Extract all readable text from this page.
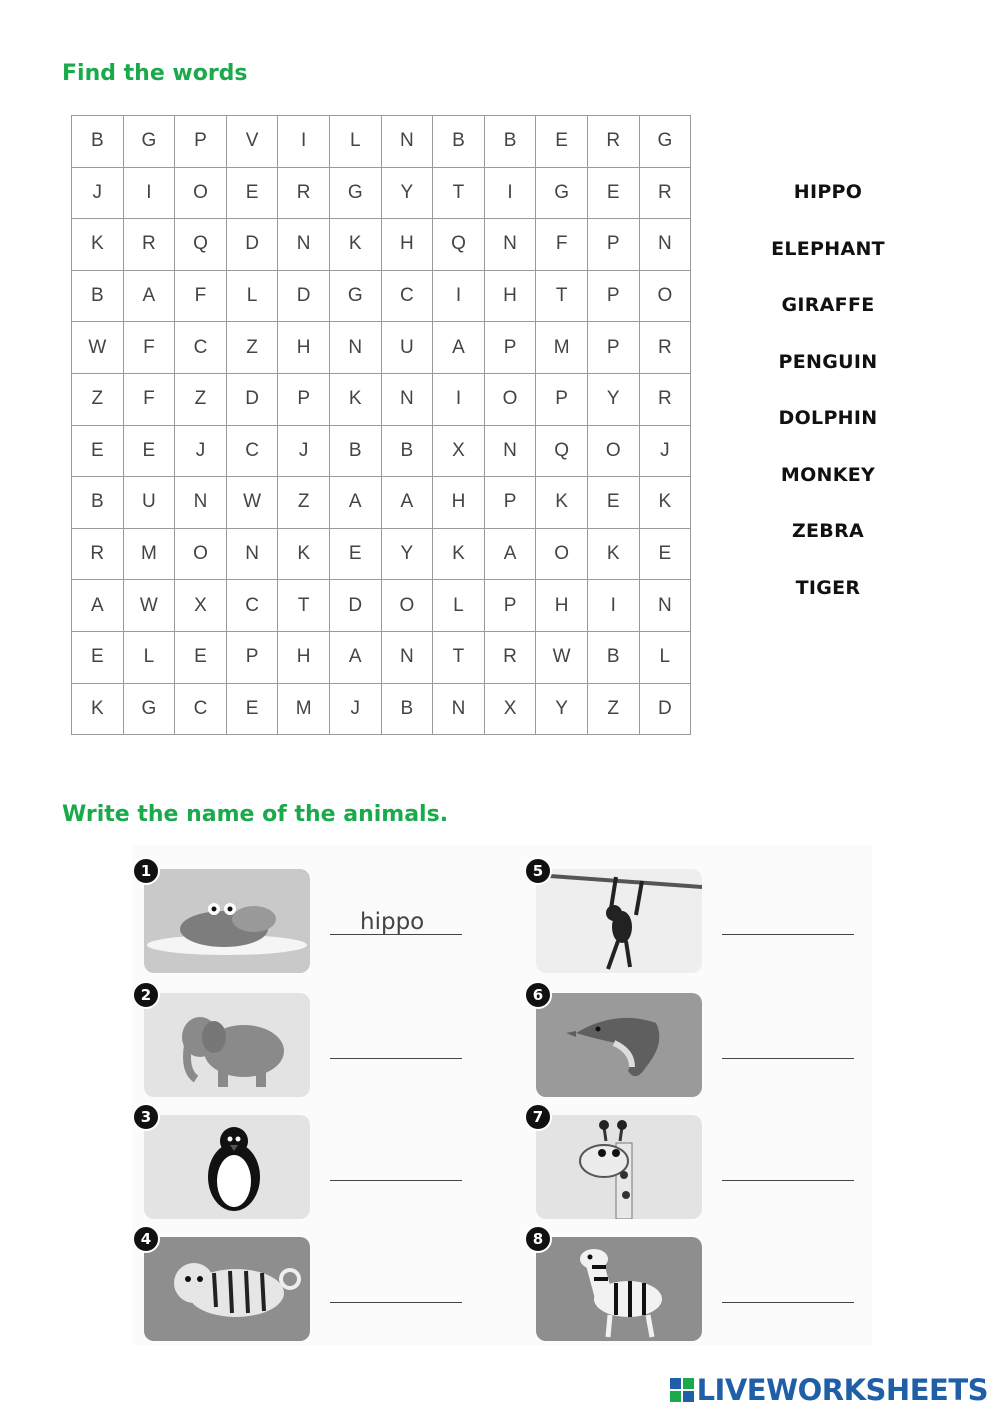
Find the words
B	G	P	V	I	L	N	B	B	E	R	G
J	I	O	E	R	G	Y	T	I	G	E	R
K	R	Q	D	N	K	H	Q	N	F	P	N
B	A	F	L	D	G	C	I	H	T	P	O
W	F	C	Z	H	N	U	A	P	M	P	R
Z	F	Z	D	P	K	N	I	O	P	Y	R
E	E	J	C	J	B	B	X	N	Q	O	J
B	U	N	W	Z	A	A	H	P	K	E	K
R	M	O	N	K	E	Y	K	A	O	K	E
A	W	X	C	T	D	O	L	P	H	I	N
E	L	E	P	H	A	N	T	R	W	B	L
K	G	C	E	M	J	B	N	X	Y	Z	D
HIPPO
ELEPHANT
GIRAFFE
PENGUIN
DOLPHIN
MONKEY
ZEBRA
TIGER
Write the name of the animals.
1
hippo
2
3
4
5
6
7
8
LIVEWORKSHEETS
